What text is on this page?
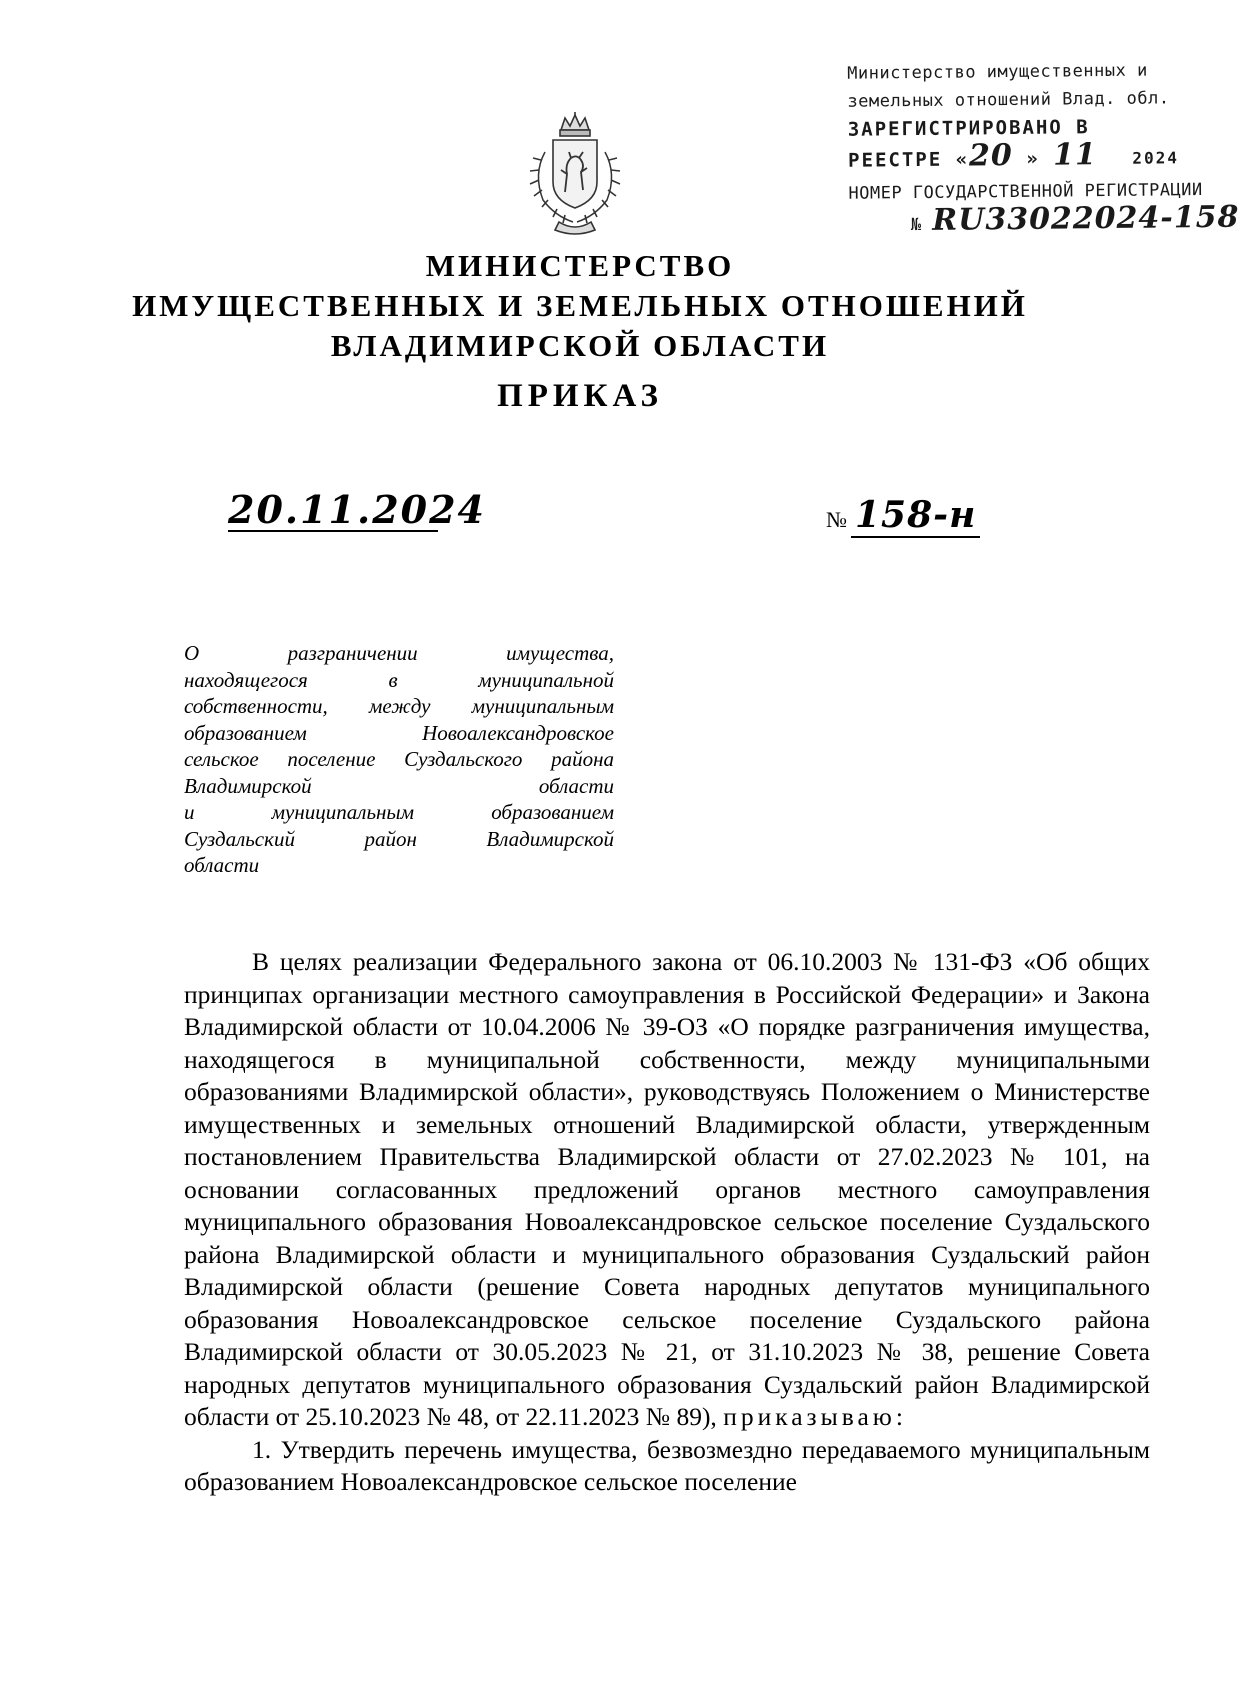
Министерство имущественных и
земельных отношений Влад. обл.
ЗАРЕГИСТРИРОВАНО В
РЕЕСТРЕ «20 » 11 2024
НОМЕР ГОСУДАРСТВЕННОЙ РЕГИСТРАЦИИ
№ RU33022024-158
МИНИСТЕРСТВО
ИМУЩЕСТВЕННЫХ И ЗЕМЕЛЬНЫХ ОТНОШЕНИЙ
ВЛАДИМИРСКОЙ ОБЛАСТИ
ПРИКАЗ
20.11.2024	№ 158-н
О разграничении имущества,
находящегося в муниципальной
собственности, между муниципальным
образованием Новоалександровское
сельское поселение Суздальского района
Владимирской области
и муниципальным образованием
Суздальский район Владимирской
области

В целях реализации Федерального закона от 06.10.2003 № 131-ФЗ «Об общих принципах организации местного самоуправления в Российской Федерации» и Закона Владимирской области от 10.04.2006 № 39-ОЗ «О порядке разграничения имущества, находящегося в муниципальной собственности, между муниципальными образованиями Владимирской области», руководствуясь Положением о Министерстве имущественных и земельных отношений Владимирской области, утвержденным постановлением Правительства Владимирской области от 27.02.2023 № 101, на основании согласованных предложений органов местного самоуправления муниципального образования Новоалександровское сельское поселение Суздальского района Владимирской области и муниципального образования Суздальский район Владимирской области (решение Совета народных депутатов муниципального образования Новоалександровское сельское поселение Суздальского района Владимирской области от 30.05.2023 № 21, от 31.10.2023 № 38, решение Совета народных депутатов муниципального образования Суздальский район Владимирской области от 25.10.2023 № 48, от 22.11.2023 № 89), приказываю:

1. Утвердить перечень имущества, безвозмездно передаваемого муниципальным образованием Новоалександровское сельское поселение
